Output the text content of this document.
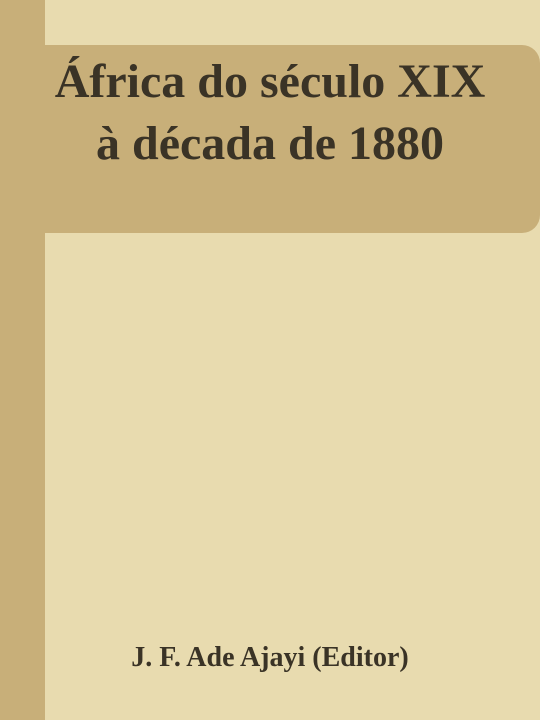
África do século XIX à década de 1880
J. F. Ade Ajayi (Editor)
